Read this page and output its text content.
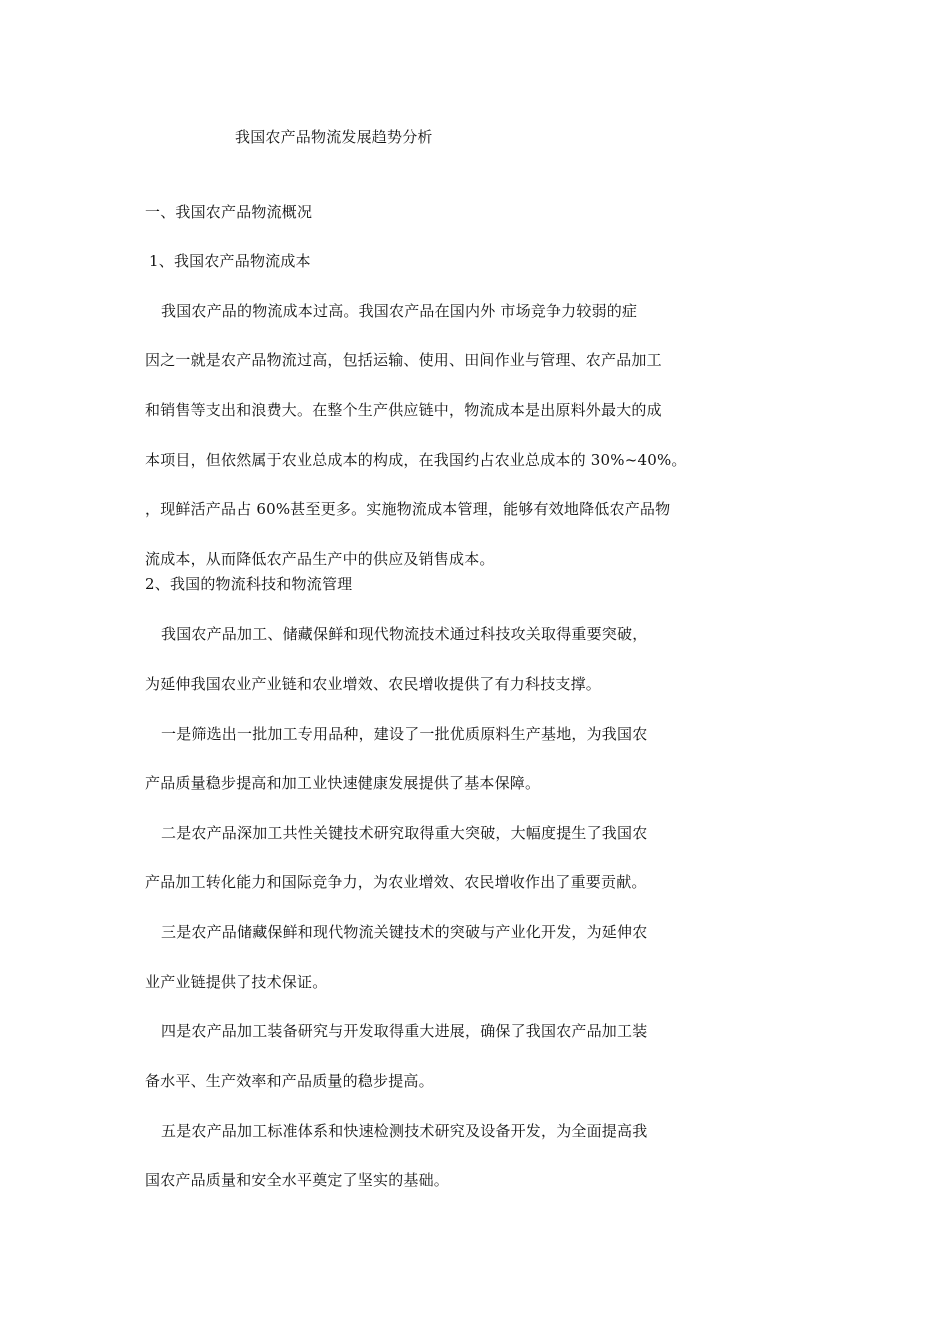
我国农产品物流发展趋势分析

一、我国农产品物流概况

1、我国农产品物流成本

我国农产品的物流成本过高。我国农产品在国内外 市场竞争力较弱的症

因之一就是农产品物流过高，包括运输、使用、田间作业与管理、农产品加工

和销售等支出和浪费大。在整个生产供应链中，物流成本是出原料外最大的成

本项目，但依然属于农业总成本的构成，在我国约占农业总成本的 30%~40%。

，现鲜活产品占 60%甚至更多。实施物流成本管理，能够有效地降低农产品物

流成本，从而降低农产品生产中的供应及销售成本。

2、我国的物流科技和物流管理

我国农产品加工、储藏保鲜和现代物流技术通过科技攻关取得重要突破，

为延伸我国农业产业链和农业增效、农民增收提供了有力科技支撑。

一是筛选出一批加工专用品种，建设了一批优质原料生产基地，为我国农

产品质量稳步提高和加工业快速健康发展提供了基本保障。

二是农产品深加工共性关键技术研究取得重大突破，大幅度提生了我国农

产品加工转化能力和国际竞争力，为农业增效、农民增收作出了重要贡献。

三是农产品储藏保鲜和现代物流关键技术的突破与产业化开发，为延伸农

业产业链提供了技术保证。

四是农产品加工装备研究与开发取得重大进展，确保了我国农产品加工装

备水平、生产效率和产品质量的稳步提高。

五是农产品加工标准体系和快速检测技术研究及设备开发，为全面提高我

国农产品质量和安全水平奠定了坚实的基础。
